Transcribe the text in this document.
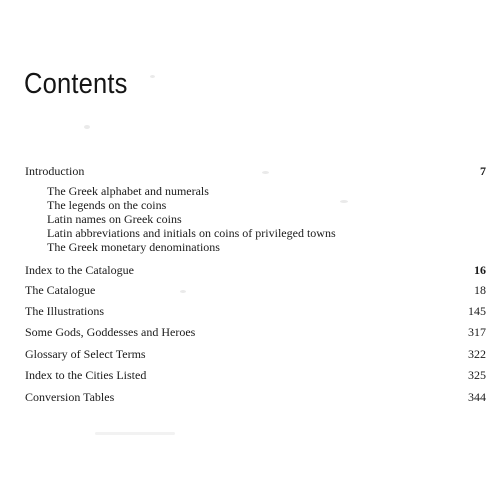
Contents
Introduction	7
The Greek alphabet and numerals
The legends on the coins
Latin names on Greek coins
Latin abbreviations and initials on coins of privileged towns
The Greek monetary denominations
Index to the Catalogue	16
The Catalogue	18
The Illustrations	145
Some Gods, Goddesses and Heroes	317
Glossary of Select Terms	322
Index to the Cities Listed	325
Conversion Tables	344
